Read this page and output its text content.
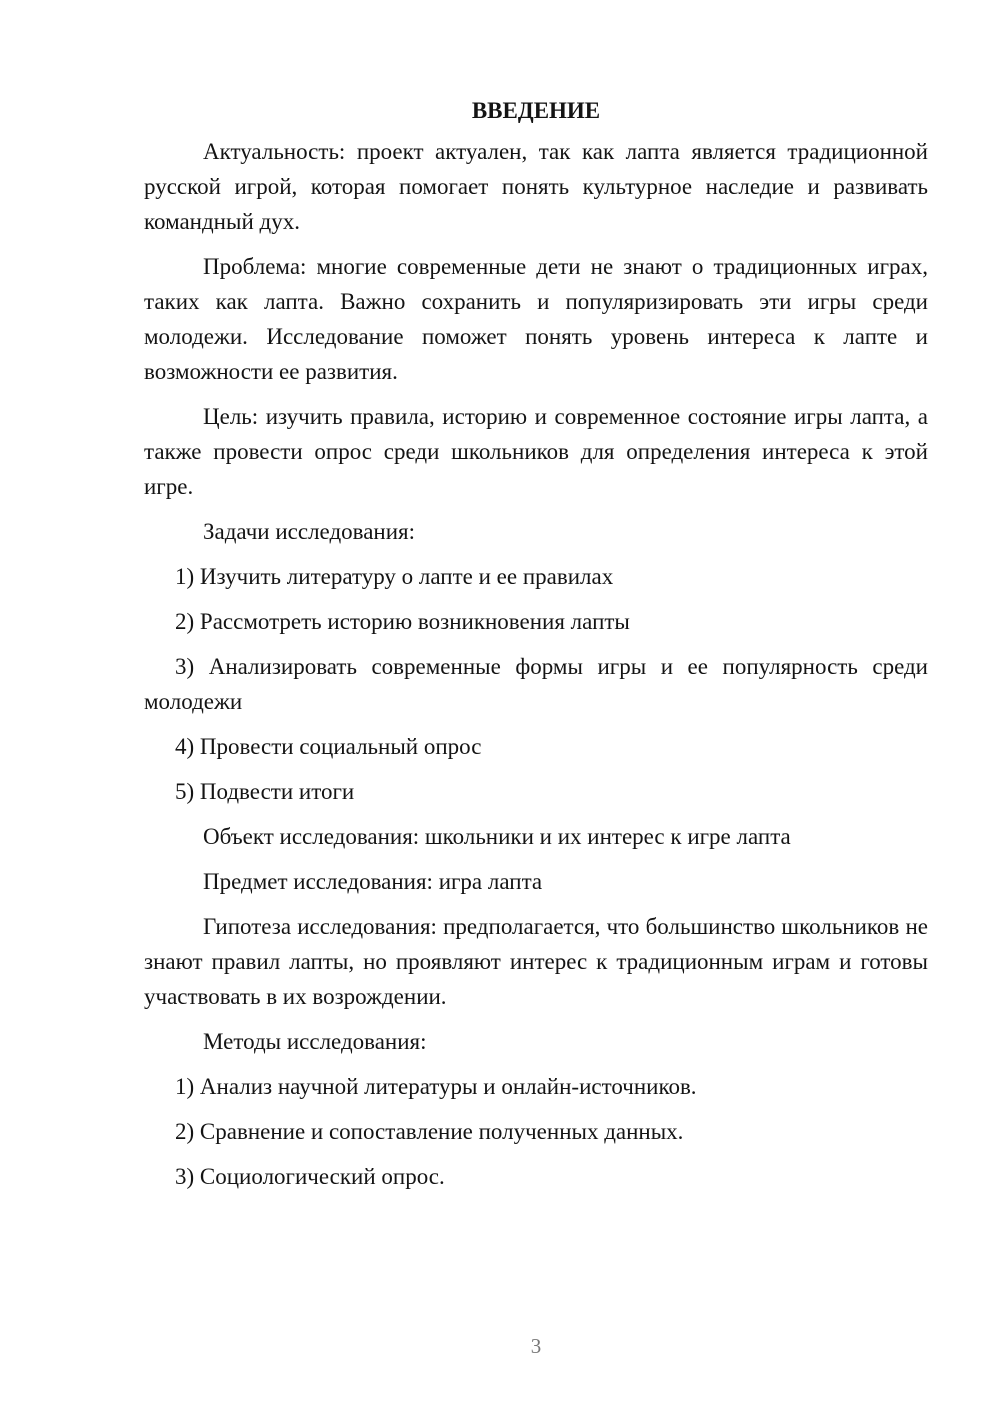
ВВЕДЕНИЕ

Актуальность: проект актуален, так как лапта является традиционной русской игрой, которая помогает понять культурное наследие и развивать командный дух.

Проблема: многие современные дети не знают о традиционных играх, таких как лапта. Важно сохранить и популяризировать эти игры среди молодежи. Исследование поможет понять уровень интереса к лапте и возможности ее развития.

Цель: изучить правила, историю и современное состояние игры лапта, а также провести опрос среди школьников для определения интереса к этой игре.

Задачи исследования:

1) Изучить литературу о лапте и ее правилах

2) Рассмотреть историю возникновения лапты

3) Анализировать современные формы игры и ее популярность среди молодежи

4) Провести социальный опрос

5) Подвести итоги

Объект исследования: школьники и их интерес к игре лапта

Предмет исследования: игра лапта

Гипотеза исследования: предполагается, что большинство школьников не знают правил лапты, но проявляют интерес к традиционным играм и готовы участвовать в их возрождении.

Методы исследования:

1) Анализ научной литературы и онлайн-источников.

2) Сравнение и сопоставление полученных данных.

3) Социологический опрос.

3
